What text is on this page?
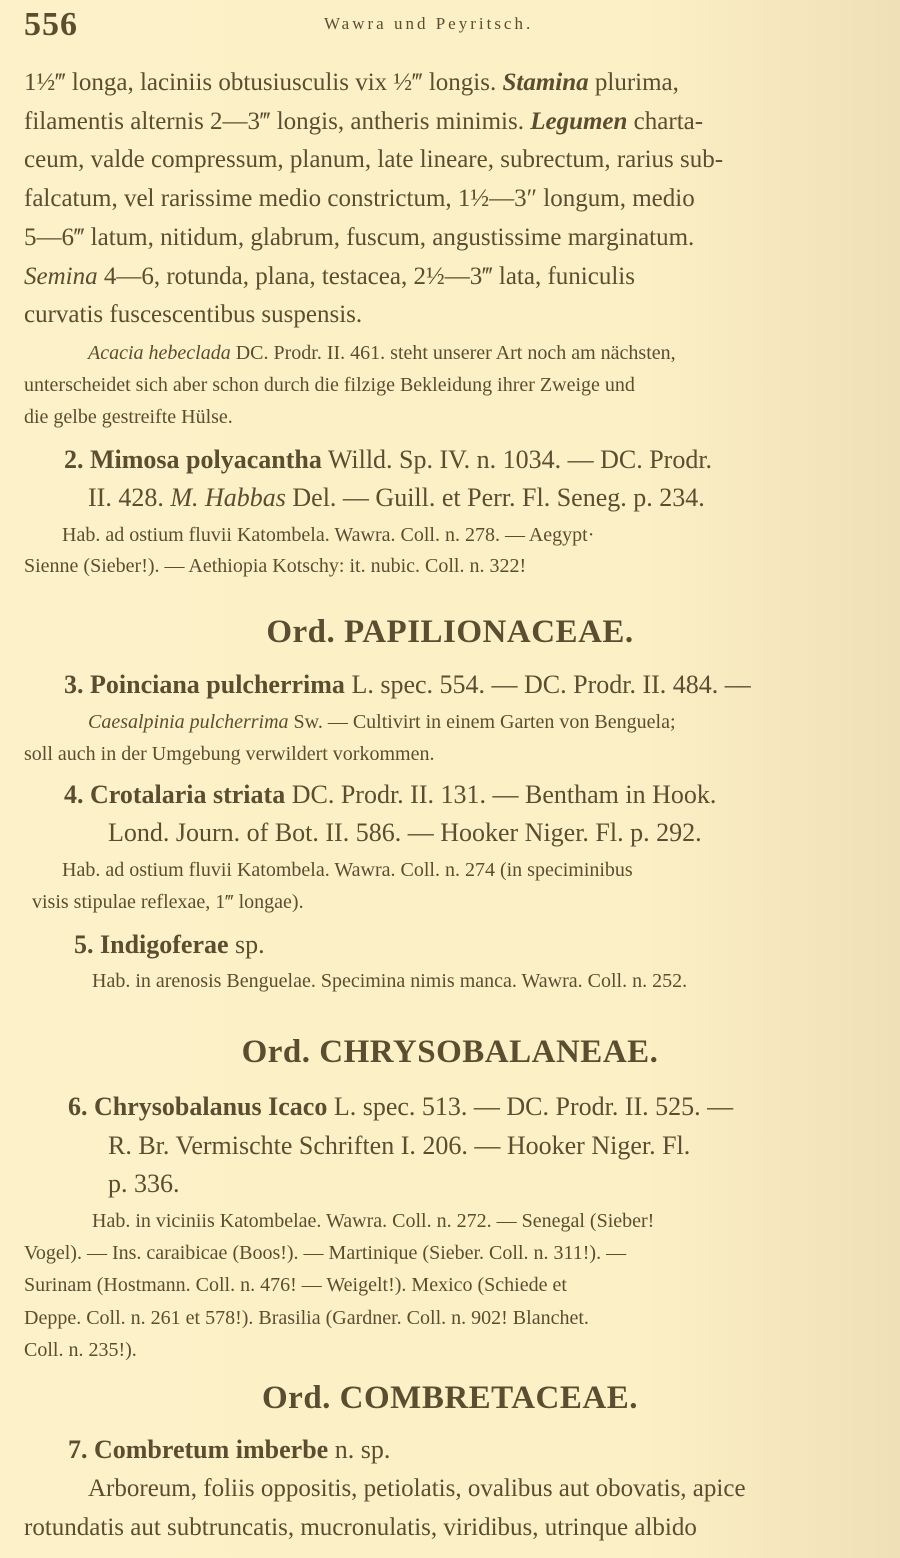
556	Wawra und Peyritsch.
1½‴ longa, laciniis obtusiusculis vix ½‴ longis. Stamina plurima,
filamentis alternis 2—3‴ longis, antheris minimis. Legumen charta-
ceum, valde compressum, planum, late lineare, subrectum, rarius sub-
falcatum, vel rarissime medio constrictum, 1½—3″ longum, medio
5—6‴ latum, nitidum, glabrum, fuscum, angustissime marginatum.
Semina 4—6, rotunda, plana, testacea, 2½—3‴ lata, funiculis
curvatis fuscescentibus suspensis.
Acacia hebeclada DC. Prodr. II. 461. steht unserer Art noch am nächsten,
unterscheidet sich aber schon durch die filzige Bekleidung ihrer Zweige und
die gelbe gestreifte Hülse.
2. Mimosa polyacantha Willd. Sp. IV. n. 1034. — DC. Prodr.
II. 428. M. Habbas Del. — Guill. et Perr. Fl. Seneg. p. 234.
Hab. ad ostium fluvii Katombela. Wawra. Coll. n. 278. — Aegypt·
Sienne (Sieber!). — Aethiopia Kotschy: it. nubic. Coll. n. 322!
Ord. PAPILIONACEAE.
3. Poinciana pulcherrima L. spec. 554. — DC. Prodr. II. 484. —
Caesalpinia pulcherrima Sw. — Cultivirt in einem Garten von Benguela;
soll auch in der Umgebung verwildert vorkommen.
4. Crotalaria striata DC. Prodr. II. 131. — Bentham in Hook.
Lond. Journ. of Bot. II. 586. — Hooker Niger. Fl. p. 292.
Hab. ad ostium fluvii Katombela. Wawra. Coll. n. 274 (in speciminibus
visis stipulae reflexae, 1‴ longae).
5. Indigoferae sp.
Hab. in arenosis Benguelae. Specimina nimis manca. Wawra. Coll. n. 252.
Ord. CHRYSOBALANEAE.
6. Chrysobalanus Icaco L. spec. 513. — DC. Prodr. II. 525. —
R. Br. Vermischte Schriften I. 206. — Hooker Niger. Fl.
p. 336.
Hab. in viciniis Katombelae. Wawra. Coll. n. 272. — Senegal (Sieber!
Vogel). — Ins. caraibicae (Boos!). — Martinique (Sieber. Coll. n. 311!). —
Surinam (Hostmann. Coll. n. 476! — Weigelt!). Mexico (Schiede et
Deppe. Coll. n. 261 et 578!). Brasilia (Gardner. Coll. n. 902! Blanchet.
Coll. n. 235!).
Ord. COMBRETACEAE.
7. Combretum imberbe n. sp.
Arboreum, foliis oppositis, petiolatis, ovalibus aut obovatis, apice
rotundatis aut subtruncatis, mucronulatis, viridibus, utrinque albido
